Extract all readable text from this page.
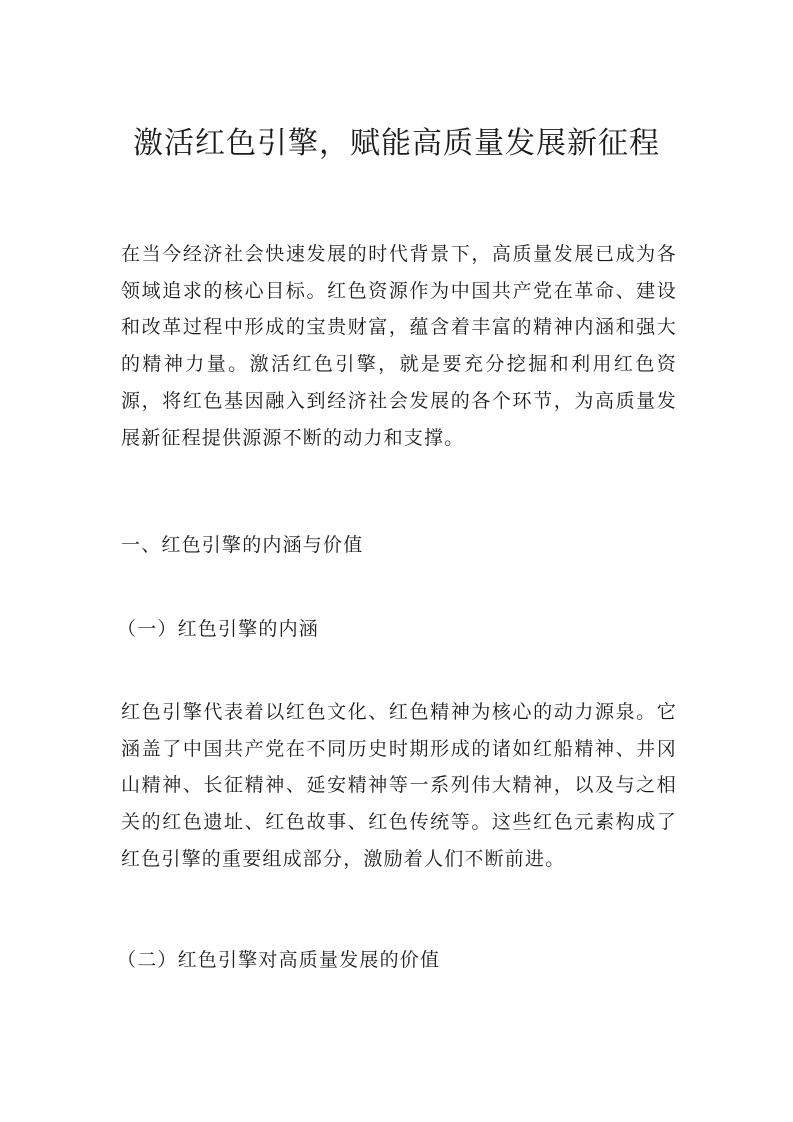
激活红色引擎，赋能高质量发展新征程

在当今经济社会快速发展的时代背景下，高质量发展已成为各领域追求的核心目标。红色资源作为中国共产党在革命、建设和改革过程中形成的宝贵财富，蕴含着丰富的精神内涵和强大的精神力量。激活红色引擎，就是要充分挖掘和利用红色资源，将红色基因融入到经济社会发展的各个环节，为高质量发展新征程提供源源不断的动力和支撑。

一、红色引擎的内涵与价值

（一）红色引擎的内涵

红色引擎代表着以红色文化、红色精神为核心的动力源泉。它涵盖了中国共产党在不同历史时期形成的诸如红船精神、井冈山精神、长征精神、延安精神等一系列伟大精神，以及与之相关的红色遗址、红色故事、红色传统等。这些红色元素构成了红色引擎的重要组成部分，激励着人们不断前进。

（二）红色引擎对高质量发展的价值
